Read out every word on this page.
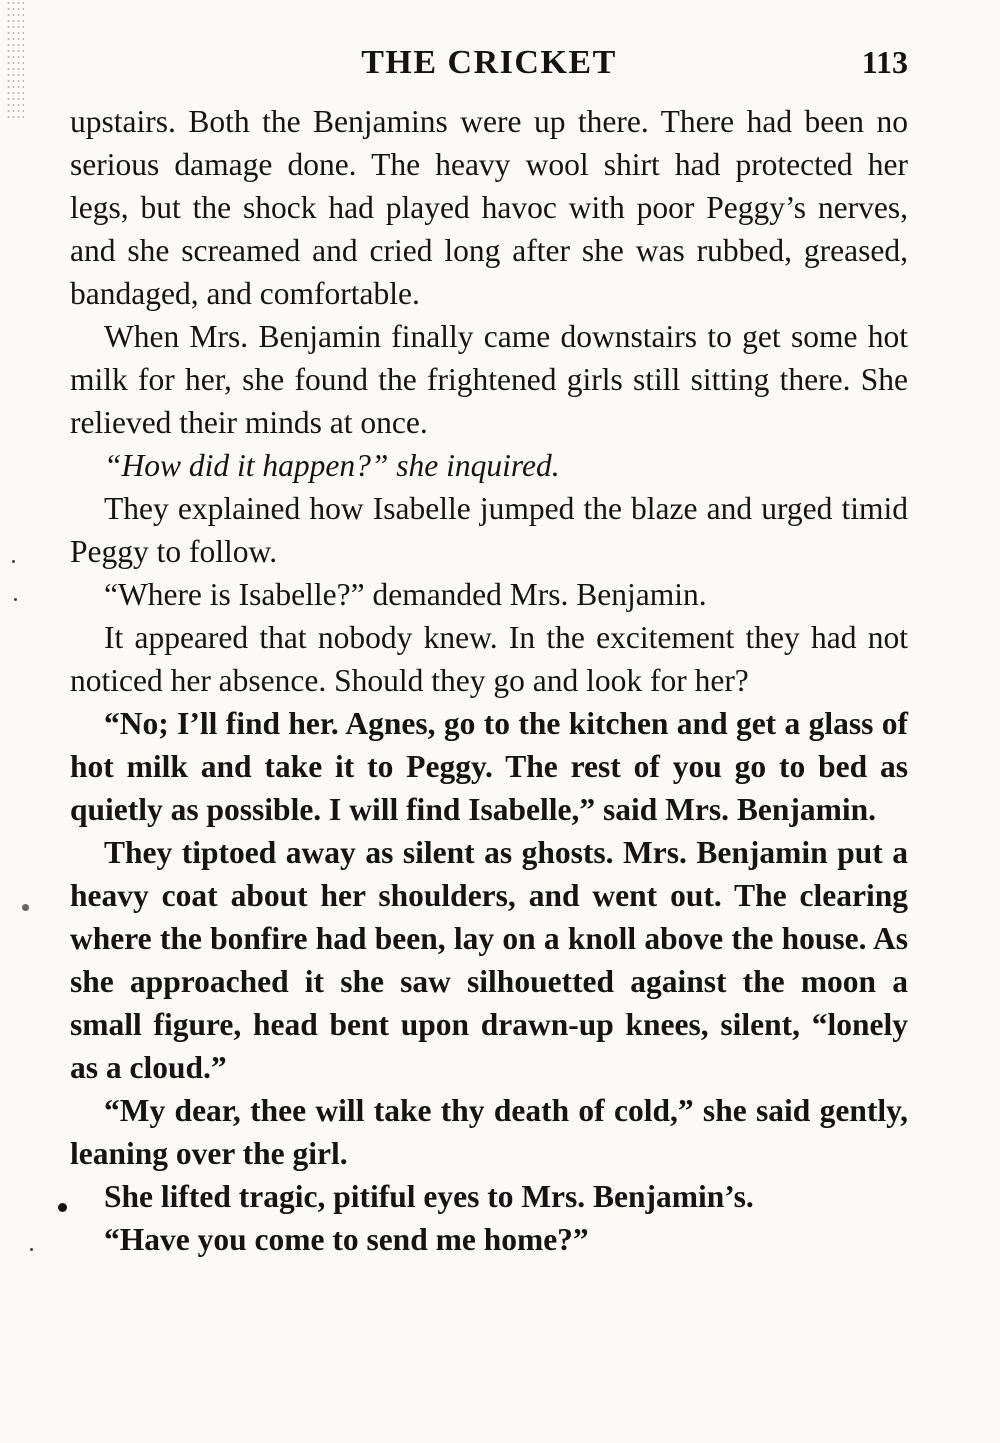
THE CRICKET	113

upstairs. Both the Benjamins were up there. There had been no serious damage done. The heavy wool shirt had protected her legs, but the shock had played havoc with poor Peggy’s nerves, and she screamed and cried long after she was rubbed, greased, bandaged, and comfortable.

When Mrs. Benjamin finally came downstairs to get some hot milk for her, she found the frightened girls still sitting there. She relieved their minds at once.

“How did it happen?” she inquired.

They explained how Isabelle jumped the blaze and urged timid Peggy to follow.

“Where is Isabelle?” demanded Mrs. Benjamin.

It appeared that nobody knew. In the excitement they had not noticed her absence. Should they go and look for her?

“No; I’ll find her. Agnes, go to the kitchen and get a glass of hot milk and take it to Peggy. The rest of you go to bed as quietly as possible. I will find Isabelle,” said Mrs. Benjamin.

They tiptoed away as silent as ghosts. Mrs. Benjamin put a heavy coat about her shoulders, and went out. The clearing where the bonfire had been, lay on a knoll above the house. As she approached it she saw silhouetted against the moon a small figure, head bent upon drawn-up knees, silent, “lonely as a cloud.”

“My dear, thee will take thy death of cold,” she said gently, leaning over the girl.

She lifted tragic, pitiful eyes to Mrs. Benjamin’s.

“Have you come to send me home?”
